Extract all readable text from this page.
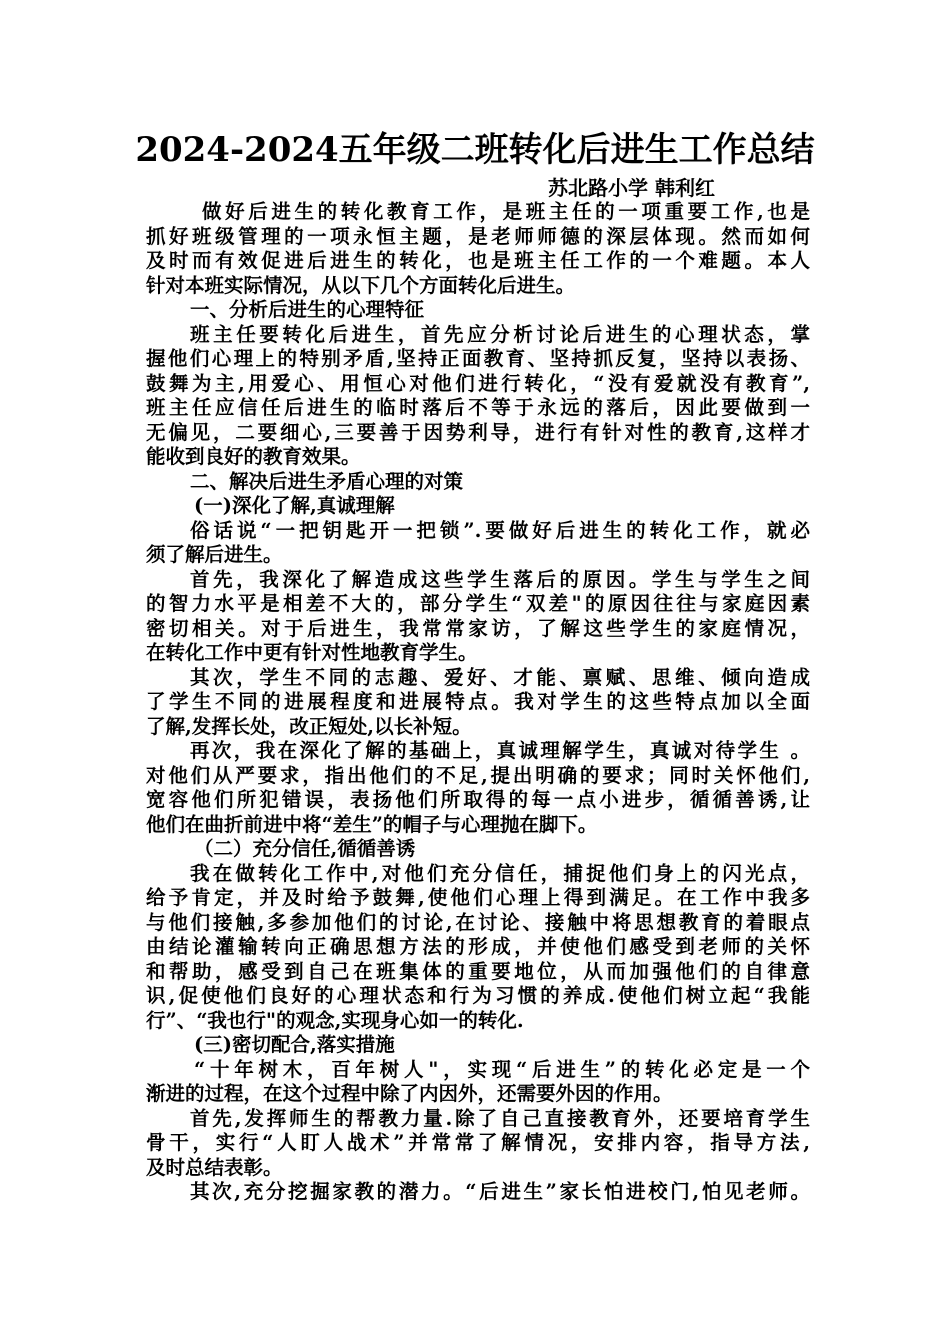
2024-2024五年级二班转化后进生工作总结
苏北路小学 韩利红
做好后进生的转化教育工作，是班主任的一项重要工作,也是
抓好班级管理的一项永恒主题，是老师师德的深层体现。然而如何
及时而有效促进后进生的转化，也是班主任工作的一个难题。本人
针对本班实际情况，从以下几个方面转化后进生。
一、分析后进生的心理特征
班主任要转化后进生，首先应分析讨论后进生的心理状态，掌
握他们心理上的特别矛盾,坚持正面教育、坚持抓反复，坚持以表扬、
鼓舞为主,用爱心、用恒心对他们进行转化，“没有爱就没有教育”,
班主任应信任后进生的临时落后不等于永远的落后，因此要做到一
无偏见，二要细心,三要善于因势利导，进行有针对性的教育,这样才
能收到良好的教育效果。
二、解决后进生矛盾心理的对策
(一)深化了解,真诚理解
俗话说“一把钥匙开一把锁”.要做好后进生的转化工作，就必
须了解后进生。
首先，我深化了解造成这些学生落后的原因。学生与学生之间
的智力水平是相差不大的，部分学生“双差"的原因往往与家庭因素
密切相关。对于后进生，我常常家访，了解这些学生的家庭情况，
在转化工作中更有针对性地教育学生。
其次，学生不同的志趣、爱好、才能、禀赋、思维、倾向造成
了学生不同的进展程度和进展特点。我对学生的这些特点加以全面
了解,发挥长处，改正短处,以长补短。
再次，我在深化了解的基础上，真诚理解学生，真诚对待学生 。
对他们从严要求，指出他们的不足,提出明确的要求；同时关怀他们,
宽容他们所犯错误，表扬他们所取得的每一点小进步，循循善诱,让
他们在曲折前进中将“差生”的帽子与心理抛在脚下。
（二）充分信任,循循善诱
我在做转化工作中,对他们充分信任，捕捉他们身上的闪光点，
给予肯定，并及时给予鼓舞,使他们心理上得到满足。在工作中我多
与他们接触,多参加他们的讨论,在讨论、接触中将思想教育的着眼点
由结论灌输转向正确思想方法的形成，并使他们感受到老师的关怀
和帮助，感受到自己在班集体的重要地位，从而加强他们的自律意
识,促使他们良好的心理状态和行为习惯的养成.使他们树立起“我能
行”、“我也行"的观念,实现身心如一的转化.
(三)密切配合,落实措施
“十年树木，百年树人"，实现“后进生”的转化必定是一个
渐进的过程，在这个过程中除了内因外，还需要外因的作用。
首先,发挥师生的帮教力量.除了自己直接教育外，还要培育学生
骨干，实行“人盯人战术”并常常了解情况，安排内容，指导方法,
及时总结表彰。
其次,充分挖掘家教的潜力。“后进生”家长怕进校门,怕见老师。
